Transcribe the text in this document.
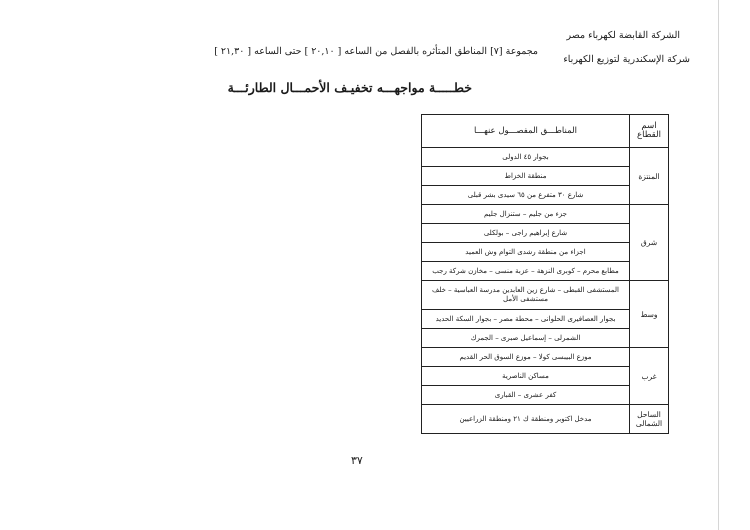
الشركة القابضة لكهرباء مصر
مجموعة [٧] المناطق المتأثره بالفصل من الساعه [ ٢٠,١٠ ] حتى الساعه [ ٢١,٣٠ ]
شركة الإسكندرية لتوزيع الكهرباء
خطـــــة مواجهـــه تخفيـف الأحمـــال الطارئـــة
اسم القطاع	المناطـــق المفصـــول عنهـــا
المنتزة	بجوار ٤٥ الدولى
	منطقة الخزاط
	شارع ٣٠ متفرع من ٦٥ سيدى بشر قبلى
شرق	جزء من جليم – ستنزال جليم
	شارع إبراهيم راجى – بولكلى
	اجزاء من منطقة رشدى التوام وش العميد
	مطابع محرم – كوبرى النزهة – عزبة منسى – مخازن شركة رجب
وسط	المستشفى القبطى – شارع زين العابدين مدرسة العباسية – خلف مستشفى الأمل
	بجوار العصافيرى الحلوانى – محطة مصر – بجوار السكة الحديد
	الشمرلى – إسماعيل صبرى – الجمرك
غرب	موزع البيبسى كولا – موزع السوق الحر القديم
	مساكن الناصرية
	كفر عشرى – القبارى
الساحل الشمالى	مدخل اكتوبر ومنطقة ك ٢١ ومنطقة الزراعيين
٣٧
